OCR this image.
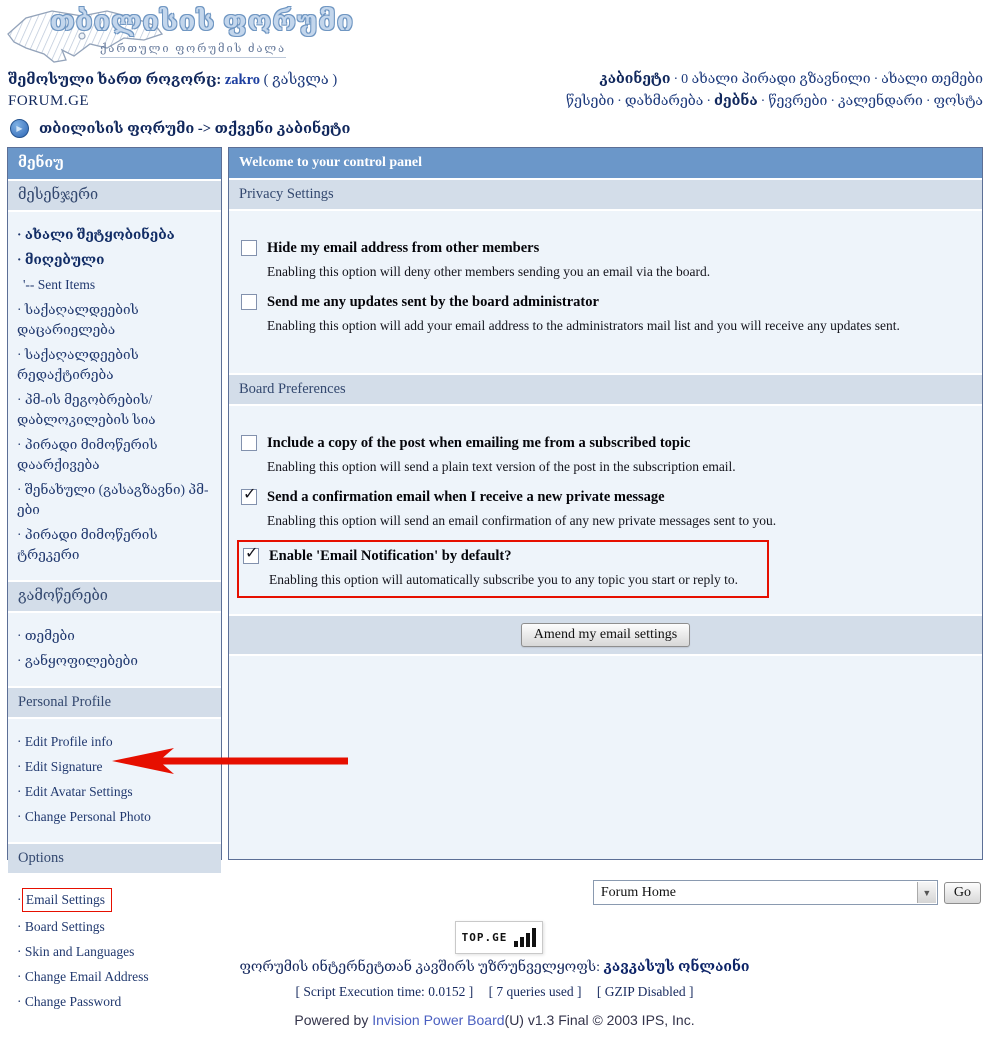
თბილისის ფორუმი
ქართული ფორუმის ძალა
შემოსული ხართ როგორც: zakro ( გასვლა )
FORUM.GE
კაბინეტი · 0 ახალი პირადი გზავნილი · ახალი თემები
წესები · დახმარება · ძებნა · წევრები · კალენდარი · ფოსტა
▶	თბილისის ფორუმი -> თქვენი კაბინეტი
მენიუ
მესენჯერი
· ახალი შეტყობინება
· მიღებული
'-- Sent Items
· საქაღალდეების დაცარიელება
· საქაღალდეების რედაქტირება
· პმ-ის მეგობრების/ დაბლოკილების სია
· პირადი მიმოწერის დაარქივება
· შენახული (გასაგზავნი) პმ-ები
· პირადი მიმოწერის ტრეკერი
გამოწერები
· თემები
· განყოფილებები
Personal Profile
· Edit Profile info
· Edit Signature
· Edit Avatar Settings
· Change Personal Photo
Options
· Email Settings
· Board Settings
· Skin and Languages
· Change Email Address
· Change Password
Welcome to your control panel
Privacy Settings
Hide my email address from other members
Enabling this option will deny other members sending you an email via the board.
Send me any updates sent by the board administrator
Enabling this option will add your email address to the administrators mail list and you will receive any updates sent.
Board Preferences
Include a copy of the post when emailing me from a subscribed topic
Enabling this option will send a plain text version of the post in the subscription email.
✓ Send a confirmation email when I receive a new private message
Enabling this option will send an email confirmation of any new private messages sent to you.
✓ Enable 'Email Notification' by default?
Enabling this option will automatically subscribe you to any topic you start or reply to.
Amend my email settings
Forum Home	▼	Go
TOP.GE
ფორუმის ინტერნეტთან კავშირს უზრუნველყოფს: კავკასუს ონლაინი
[ Script Execution time: 0.0152 ] [ 7 queries used ] [ GZIP Disabled ]
Powered by Invision Power Board(U) v1.3 Final © 2003 IPS, Inc.
